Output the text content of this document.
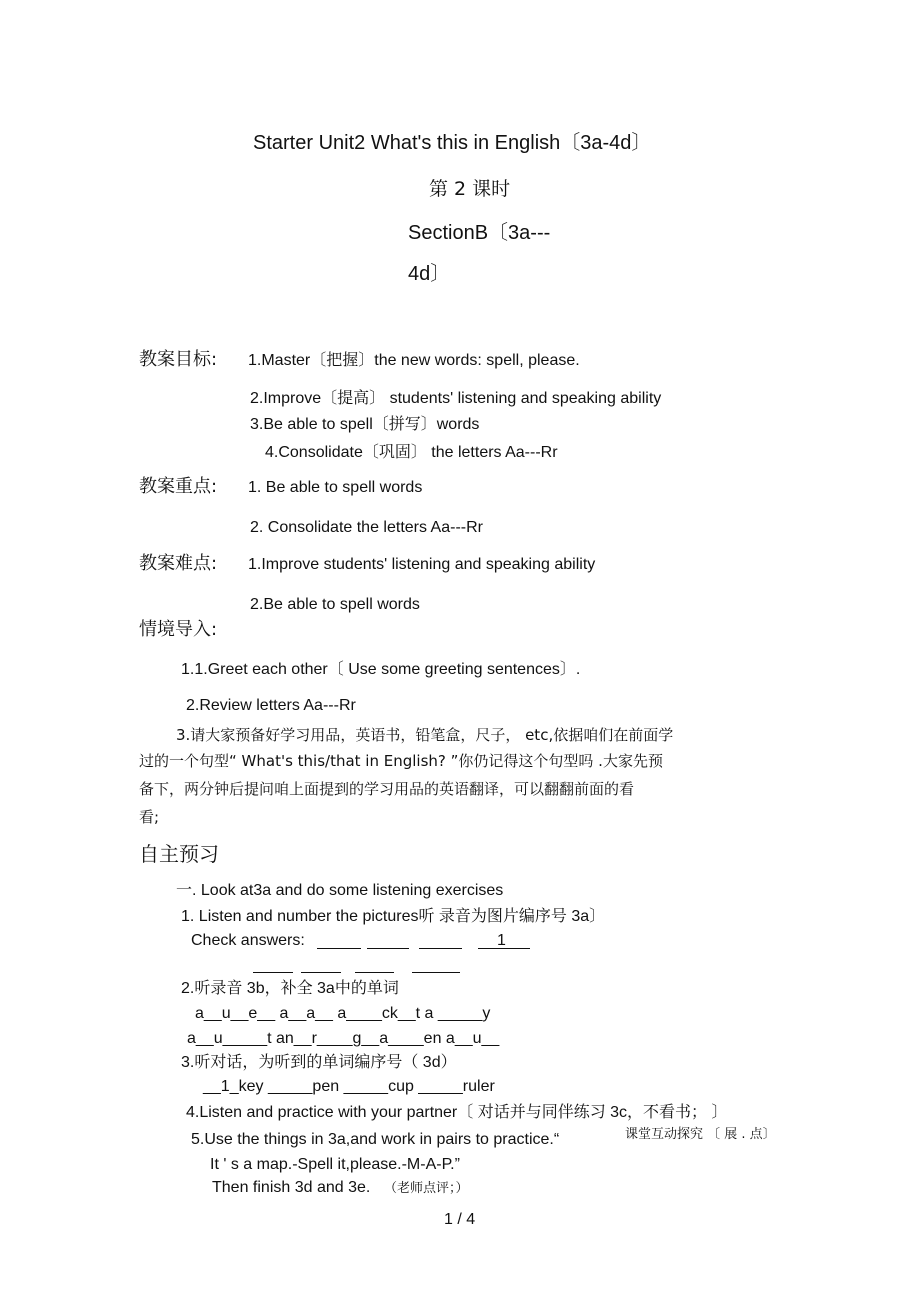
Starter Unit2 What's this in English〔3a-4d〕
第 2 课时
SectionB〔3a---
4d〕
教案目标: 1.Master〔把握〕the new words: spell, please.
2.Improve〔提高〕 students' listening and speaking ability
3.Be able to spell〔拼写〕words
4.Consolidate〔巩固〕 the letters Aa---Rr
教案重点: 1. Be able to spell words
2. Consolidate the letters Aa---Rr
教案难点: 1.Improve students' listening and speaking ability
2.Be able to spell words
情境导入:
1.1.Greet each other〔 Use some greeting sentences〕.
2.Review letters Aa---Rr
3.请大家预备好学习用品，英语书，铅笔盒，尺子， etc,依据咱们在前面学
过的一个句型“ What's this/that in English? ”你仍记得这个句型吗 .大家先预
备下，两分钟后提问咱上面提到的学习用品的英语翻译，可以翻翻前面的看
看;
自主预习
一. Look at3a and do some listening exercises
1. Listen and number the pictures听 录音为图片编序号 3a〕
Check answers:	1
2.听录音 3b，补全 3a中的单词
a__u__e__ a__a__ a____ck__t a _____y
a__u_____t an__r____g__a____en a__u__
3.听对话，为听到的单词编序号（ 3d）
__1_key _____pen _____cup _____ruler
4.Listen and practice with your partner〔 对话并与同伴练习 3c，不看书； 〕
5.Use the things in 3a,and work in pairs to practice.“	课堂互动探究 〔 展 . 点〕
It ' s a map.-Spell it,please.-M-A-P.”
Then finish 3d and 3e. （老师点评；）
1 / 4
